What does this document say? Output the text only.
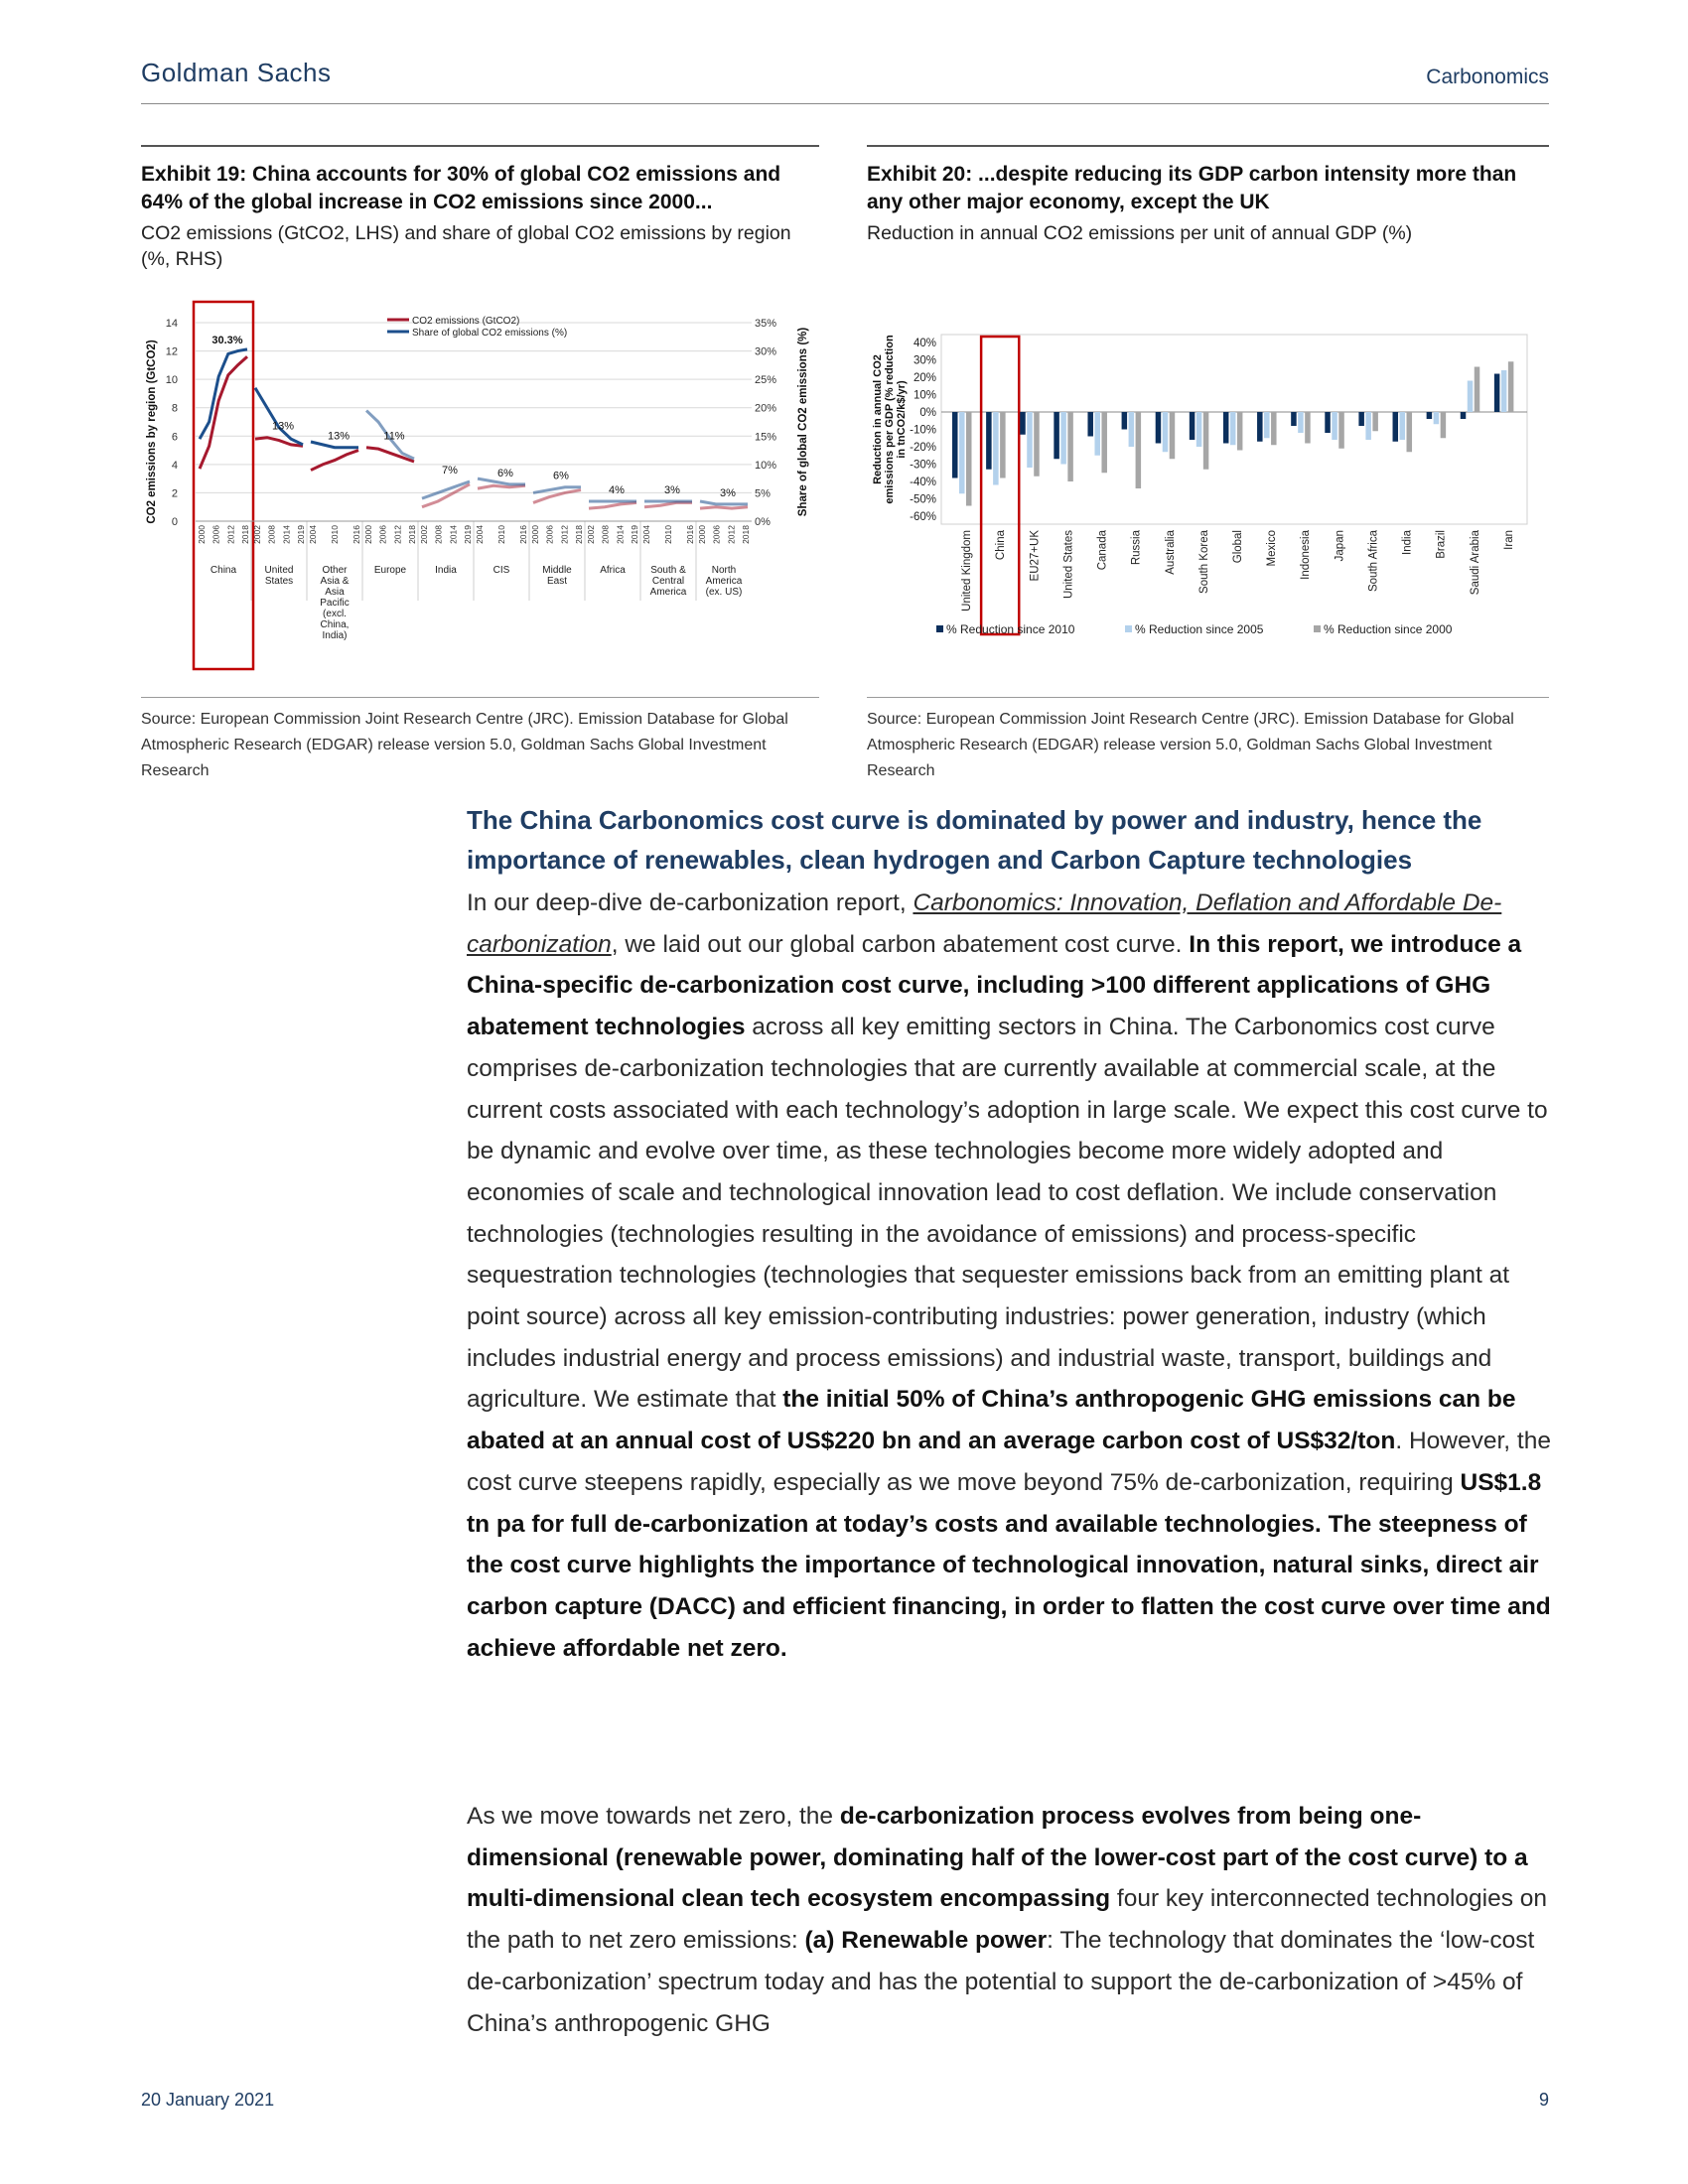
Goldman Sachs	Carbonomics
Exhibit 19: China accounts for 30% of global CO2 emissions and 64% of the global increase in CO2 emissions since 2000...
CO2 emissions (GtCO2, LHS) and share of global CO2 emissions by region (%, RHS)
0
2
4
6
8
10
12
14
0%
5%
10%
15%
20%
25%
30%
35%
CO2 emissions by region (GtCO2)	Share of global CO2 emissions (%)
CO2 emissions (GtCO2)
Share of global CO2 emissions (%)
2000 2006 2012 2018
China
30.3%
2002 2008 2014 2019
United
States
13%
2004 2010 2016
Other
Asia &
Asia
Pacific
(excl.
China,
India)
13%
2000 2006 2012 2018
Europe
11%
2002 2008 2014 2019
India
7%
2004 2010 2016
CIS
6%
2000 2006 2012 2018
Middle
East
6%
2002 2008 2014 2019
Africa
4%
2004 2010 2016
South &
Central
America
3%
2000 2006 2012 2018
North
America
(ex. US)
3%
Source: European Commission Joint Research Centre (JRC). Emission Database for Global Atmospheric Research (EDGAR) release version 5.0, Goldman Sachs Global Investment Research
Exhibit 20: ...despite reducing its GDP carbon intensity more than any other major economy, except the UK
Reduction in annual CO2 emissions per unit of annual GDP (%)
40%
30%
20%
10%
0%
-10%
-20%
-30%
-40%
-50%
-60%
Reduction in annual CO2 emissions per GDP (% reduction in tnCO2/k$/yr)
United Kingdom China EU27+UK United States Canada Russia Australia South Korea Global Mexico Indonesia Japan South Africa India Brazil Saudi Arabia Iran
% Reduction since 2010	% Reduction since 2005	% Reduction since 2000
Source: European Commission Joint Research Centre (JRC). Emission Database for Global Atmospheric Research (EDGAR) release version 5.0, Goldman Sachs Global Investment Research
The China Carbonomics cost curve is dominated by power and industry, hence the importance of renewables, clean hydrogen and Carbon Capture technologies
In our deep-dive de-carbonization report, Carbonomics: Innovation, Deflation and Affordable De-carbonization, we laid out our global carbon abatement cost curve. In this report, we introduce a China-specific de-carbonization cost curve, including >100 different applications of GHG abatement technologies across all key emitting sectors in China. The Carbonomics cost curve comprises de-carbonization technologies that are currently available at commercial scale, at the current costs associated with each technology’s adoption in large scale. We expect this cost curve to be dynamic and evolve over time, as these technologies become more widely adopted and economies of scale and technological innovation lead to cost deflation. We include conservation technologies (technologies resulting in the avoidance of emissions) and process-specific sequestration technologies (technologies that sequester emissions back from an emitting plant at point source) across all key emission-contributing industries: power generation, industry (which includes industrial energy and process emissions) and industrial waste, transport, buildings and agriculture. We estimate that the initial 50% of China’s anthropogenic GHG emissions can be abated at an annual cost of US$220 bn and an average carbon cost of US$32/ton. However, the cost curve steepens rapidly, especially as we move beyond 75% de-carbonization, requiring US$1.8 tn pa for full de-carbonization at today’s costs and available technologies. The steepness of the cost curve highlights the importance of technological innovation, natural sinks, direct air carbon capture (DACC) and efficient financing, in order to flatten the cost curve over time and achieve affordable net zero.
As we move towards net zero, the de-carbonization process evolves from being one-dimensional (renewable power, dominating half of the lower-cost part of the cost curve) to a multi-dimensional clean tech ecosystem encompassing four key interconnected technologies on the path to net zero emissions: (a) Renewable power: The technology that dominates the ‘low-cost de-carbonization’ spectrum today and has the potential to support the de-carbonization of >45% of China’s anthropogenic GHG
20 January 2021	9
